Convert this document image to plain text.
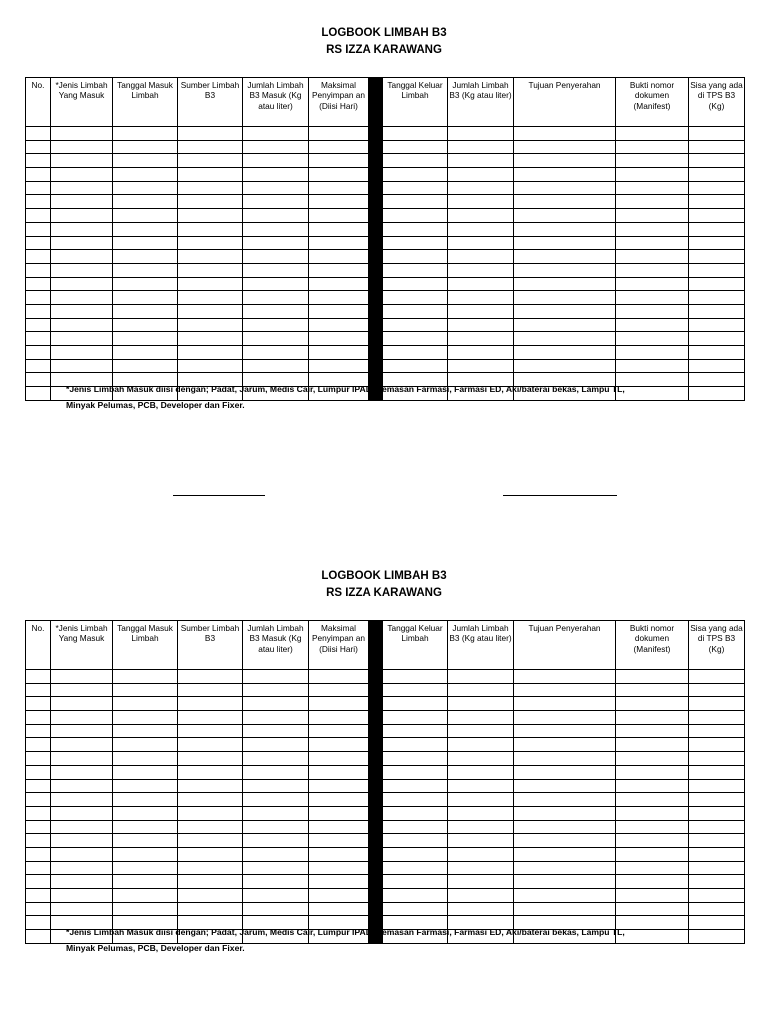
LOGBOOK LIMBAH B3
RS IZZA KARAWANG
No.	*Jenis Limbah Yang Masuk	Tanggal Masuk Limbah	Sumber Limbah B3	Jumlah Limbah B3 Masuk (Kg atau liter)	Maksimal Penyimpan an (Diisi Hari)		Tanggal Keluar Limbah	Jumlah Limbah B3 (Kg atau liter)	Tujuan Penyerahan	Bukti nomor dokumen (Manifest)	Sisa yang ada di TPS B3 (Kg)

*Jenis Limbah Masuk diisi dengan; Padat, Jarum, Medis Cair, Lumpur IPAL, Kemasan Farmasi, Farmasi ED, Aki/baterai bekas, Lampu TL,
Minyak Pelumas, PCB, Developer dan Fixer.
LOGBOOK LIMBAH B3
RS IZZA KARAWANG
No.	*Jenis Limbah Yang Masuk	Tanggal Masuk Limbah	Sumber Limbah B3	Jumlah Limbah B3 Masuk (Kg atau liter)	Maksimal Penyimpan an (Diisi Hari)		Tanggal Keluar Limbah	Jumlah Limbah B3 (Kg atau liter)	Tujuan Penyerahan	Bukti nomor dokumen (Manifest)	Sisa yang ada di TPS B3 (Kg)

*Jenis Limbah Masuk diisi dengan; Padat, Jarum, Medis Cair, Lumpur IPAL, Kemasan Farmasi, Farmasi ED, Aki/baterai bekas, Lampu TL,
Minyak Pelumas, PCB, Developer dan Fixer.
